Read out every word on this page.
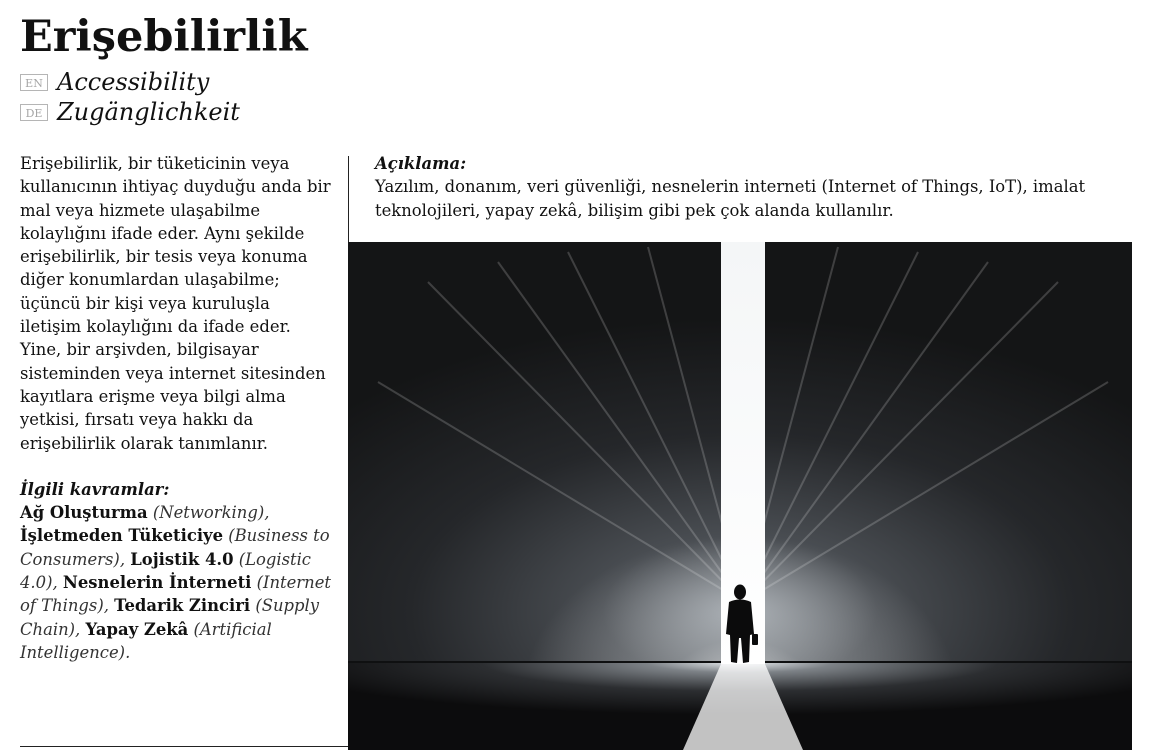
Erişebilirlik
EN Accessibility
DE Zugänglichkeit

Erişebilirlik, bir tüketicinin veya kullanıcının ihtiyaç duyduğu anda bir mal veya hizmete ulaşabilme kolaylığını ifade eder. Aynı şekilde erişebilirlik, bir tesis veya konuma diğer konumlardan ulaşabilme; üçüncü bir kişi veya kuruluşla iletişim kolaylığını da ifade eder. Yine, bir arşivden, bilgisayar sisteminden veya internet sitesinden kayıtlara erişme veya bilgi alma yetkisi, fırsatı veya hakkı da erişebilirlik olarak tanımlanır.

İlgili kavramlar:

Ağ Oluşturma (Networking), İşletmeden Tüketiciye (Business to Consumers), Lojistik 4.0 (Logistic 4.0), Nesnelerin İnterneti (Internet of Things), Tedarik Zinciri (Supply Chain), Yapay Zekâ (Artificial Intelligence).

Açıklama:

Yazılım, donanım, veri güvenliği, nesnelerin interneti (Internet of Things, IoT), imalat teknolojileri, yapay zekâ, bilişim gibi pek çok alanda kullanılır.
